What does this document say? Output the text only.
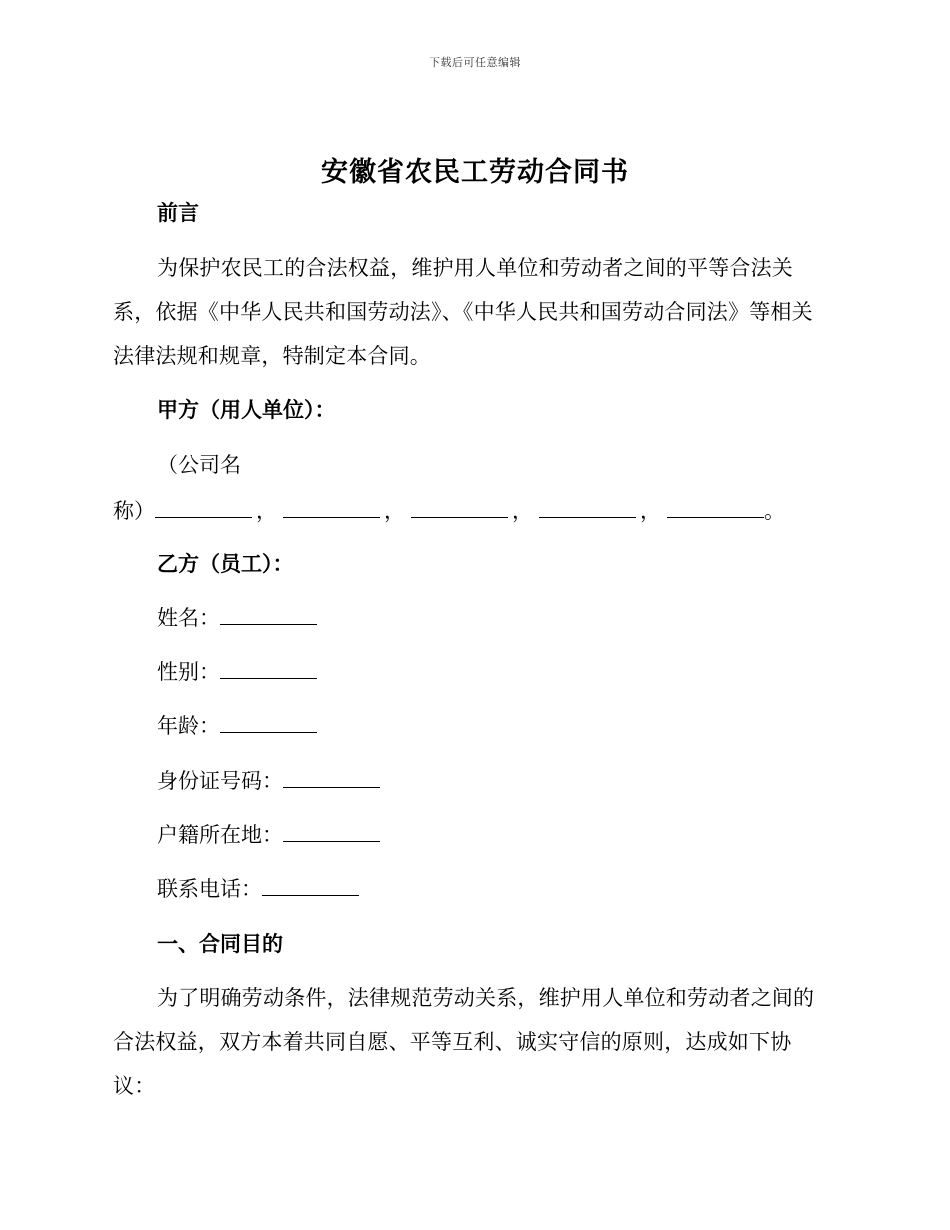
下载后可任意编辑
安徽省农民工劳动合同书
前言
为保护农民工的合法权益，维护用人单位和劳动者之间的平等合法关系，依据《中华人民共和国劳动法》、《中华人民共和国劳动合同法》等相关法律法规和规章，特制定本合同。
甲方（用人单位）：
（公司名
称）	，	，	，	，	。
乙方（员工）：
姓名：
性别：
年龄：
身份证号码：
户籍所在地：
联系电话：
一、合同目的
为了明确劳动条件，法律规范劳动关系，维护用人单位和劳动者之间的合法权益，双方本着共同自愿、平等互利、诚实守信的原则，达成如下协议：
